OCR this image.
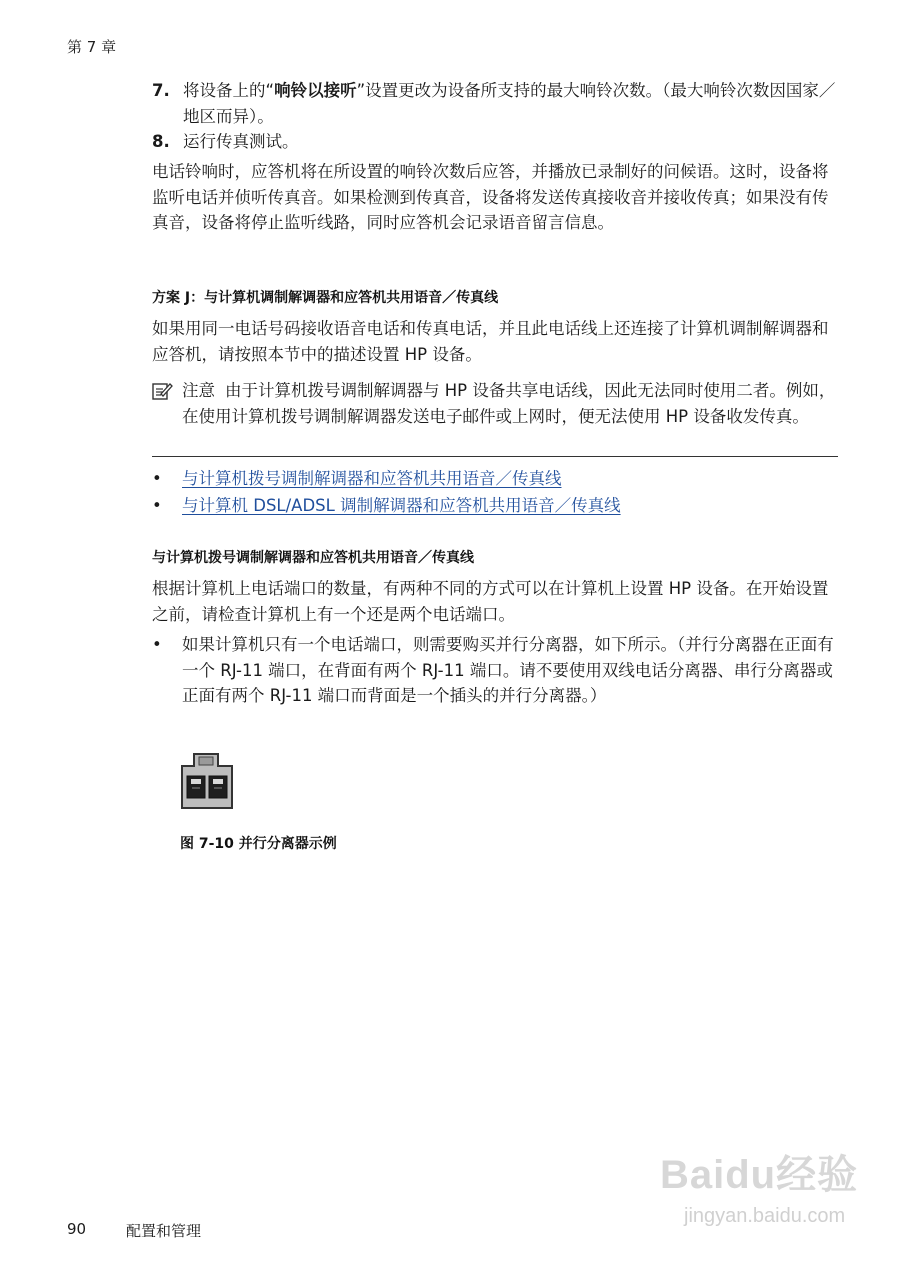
第 7 章
7. 将设备上的“响铃以接听”设置更改为设备所支持的最大响铃次数。（最大响铃次数因国家／地区而异）。
8. 运行传真测试。
电话铃响时，应答机将在所设置的响铃次数后应答，并播放已录制好的问候语。这时，设备将监听电话并侦听传真音。如果检测到传真音，设备将发送传真接收音并接收传真；如果没有传真音，设备将停止监听线路，同时应答机会记录语音留言信息。
方案 J：与计算机调制解调器和应答机共用语音／传真线
如果用同一电话号码接收语音电话和传真电话，并且此电话线上还连接了计算机调制解调器和应答机，请按照本节中的描述设置 HP 设备。
注意 由于计算机拨号调制解调器与 HP 设备共享电话线，因此无法同时使用二者。例如，在使用计算机拨号调制解调器发送电子邮件或上网时，便无法使用 HP 设备收发传真。
• 与计算机拨号调制解调器和应答机共用语音／传真线
• 与计算机 DSL/ADSL 调制解调器和应答机共用语音／传真线
与计算机拨号调制解调器和应答机共用语音／传真线
根据计算机上电话端口的数量，有两种不同的方式可以在计算机上设置 HP 设备。在开始设置之前，请检查计算机上有一个还是两个电话端口。
• 如果计算机只有一个电话端口，则需要购买并行分离器，如下所示。（并行分离器在正面有一个 RJ-11 端口，在背面有两个 RJ-11 端口。请不要使用双线电话分离器、串行分离器或正面有两个 RJ-11 端口而背面是一个插头的并行分离器。）
图 7-10 并行分离器示例
Baidu经验
jingyan.baidu.com
90	配置和管理
